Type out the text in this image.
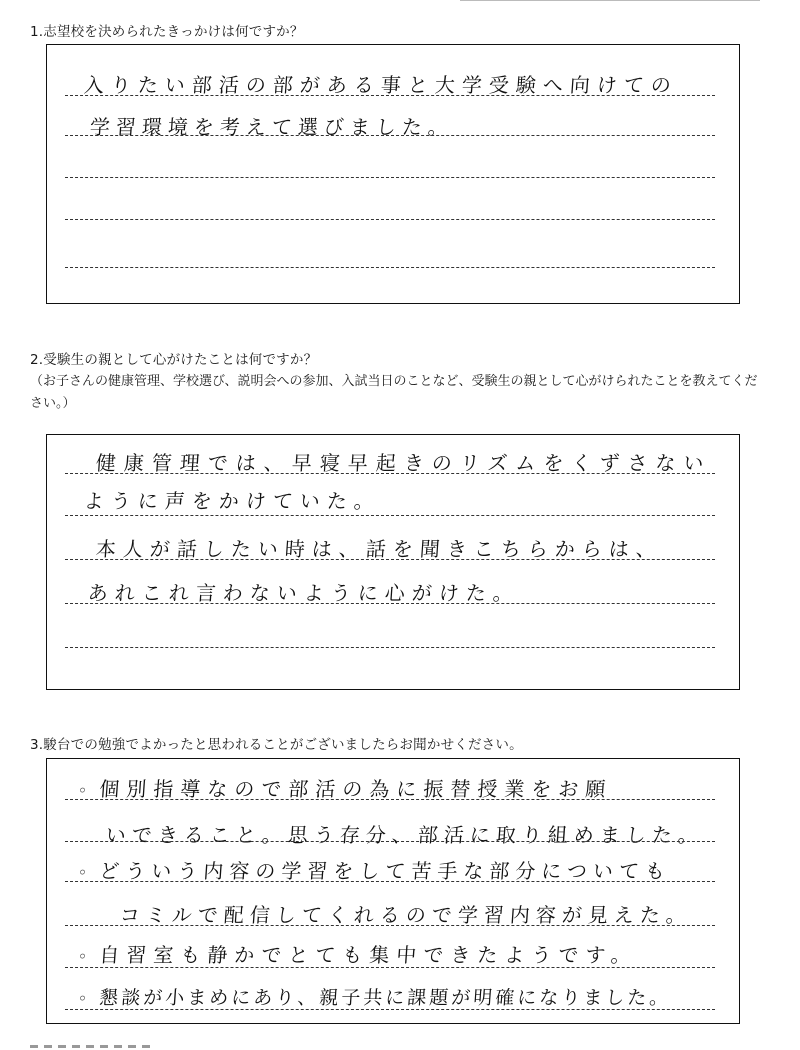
1.志望校を決められたきっかけは何ですか？
入りたい部活の部がある事と大学受験へ向けての
学習環境を考えて選びました。
2.受験生の親として心がけたことは何ですか？
（お子さんの健康管理、学校選び、説明会への参加、入試当日のことなど、受験生の親として心がけられたことを教えてください。）
健康管理では、早寝早起きのリズムをくずさない
ように声をかけていた。
本人が話したい時は、話を聞きこちらからは、
あれこれ言わないように心がけた。
3.駿台での勉強でよかったと思われることがございましたらお聞かせください。
◦ 個別指導なので部活の為に振替授業をお願
いできること。思う存分、部活に取り組めました。
◦ どういう内容の学習をして苦手な部分についても
コミルで配信してくれるので学習内容が見えた。
◦ 自習室も静かでとても集中できたようです。
◦ 懇談が小まめにあり、親子共に課題が明確になりました。
